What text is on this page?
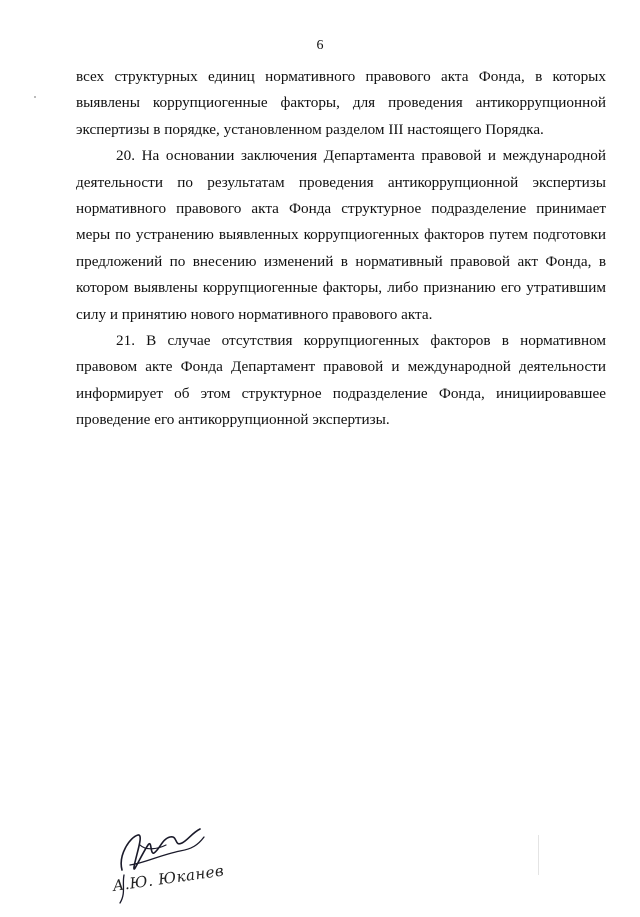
6

всех структурных единиц нормативного правового акта Фонда, в которых выявлены коррупциогенные факторы, для проведения антикоррупционной экспертизы в порядке, установленном разделом III настоящего Порядка.

20. На основании заключения Департамента правовой и международной деятельности по результатам проведения антикоррупционной экспертизы нормативного правового акта Фонда структурное подразделение принимает меры по устранению выявленных коррупциогенных факторов путем подготовки предложений по внесению изменений в нормативный правовой акт Фонда, в котором выявлены коррупциогенные факторы, либо признанию его утратившим силу и принятию нового нормативного правового акта.

21. В случае отсутствия коррупциогенных факторов в нормативном правовом акте Фонда Департамент правовой и международной деятельности информирует об этом структурное подразделение Фонда, инициировавшее проведение его антикоррупционной экспертизы.

А.Ю. Юканев
